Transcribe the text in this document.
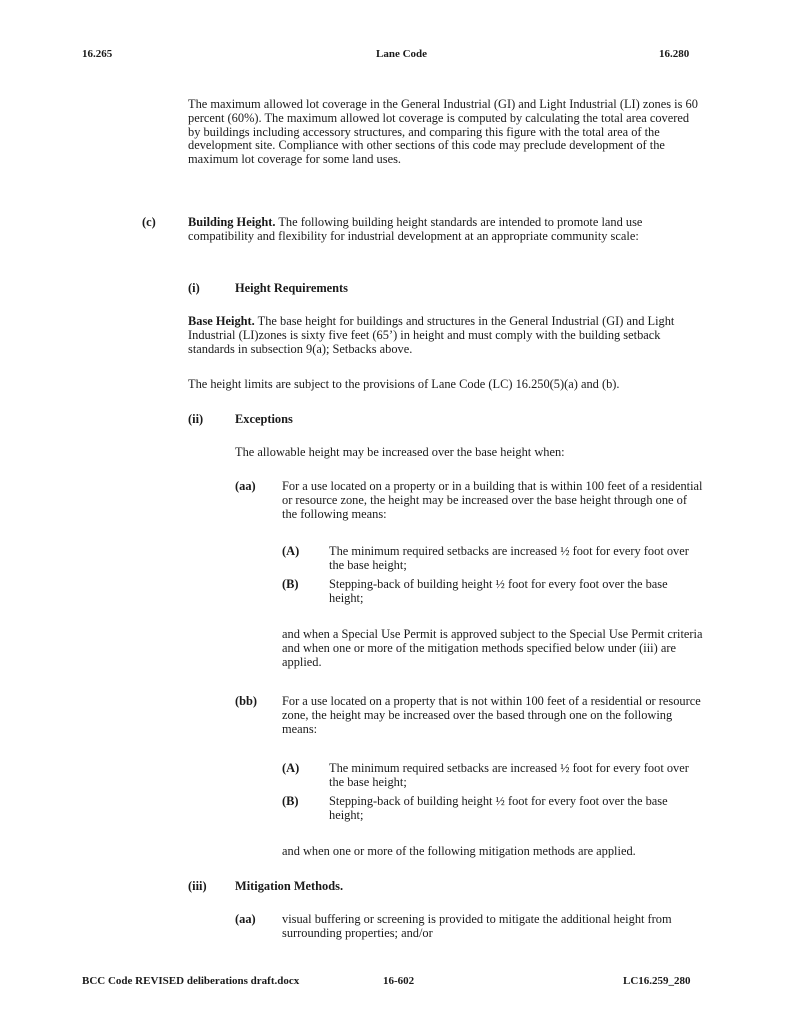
16.265	Lane Code	16.280

The maximum allowed lot coverage in the General Industrial (GI) and Light Industrial (LI) zones is 60 percent (60%). The maximum allowed lot coverage is computed by calculating the total area covered by buildings including accessory structures, and comparing this figure with the total area of the development site. Compliance with other sections of this code may preclude development of the maximum lot coverage for some land uses.

(c)	Building Height. The following building height standards are intended to promote land use compatibility and flexibility for industrial development at an appropriate community scale:

(i)	Height Requirements

Base Height. The base height for buildings and structures in the General Industrial (GI) and Light Industrial (LI)zones is sixty five feet (65’) in height and must comply with the building setback standards in subsection 9(a); Setbacks above.

The height limits are subject to the provisions of Lane Code (LC) 16.250(5)(a) and (b).

(ii)	Exceptions

The allowable height may be increased over the base height when:

(aa) For a use located on a property or in a building that is within 100 feet of a residential or resource zone, the height may be increased over the base height through one of the following means:

(A) The minimum required setbacks are increased ½ foot for every foot over the base height;

(B) Stepping-back of building height ½ foot for every foot over the base height;

and when a Special Use Permit is approved subject to the Special Use Permit criteria and when one or more of the mitigation methods specified below under (iii) are applied.

(bb) For a use located on a property that is not within 100 feet of a residential or resource zone, the height may be increased over the based through one on the following means:

(A) The minimum required setbacks are increased ½ foot for every foot over the base height;

(B) Stepping-back of building height ½ foot for every foot over the base height;

and when one or more of the following mitigation methods are applied.

(iii) Mitigation Methods.
(aa) visual buffering or screening is provided to mitigate the additional height from surrounding properties; and/or

BCC Code REVISED deliberations draft.docx	16-602	LC16.259_280
